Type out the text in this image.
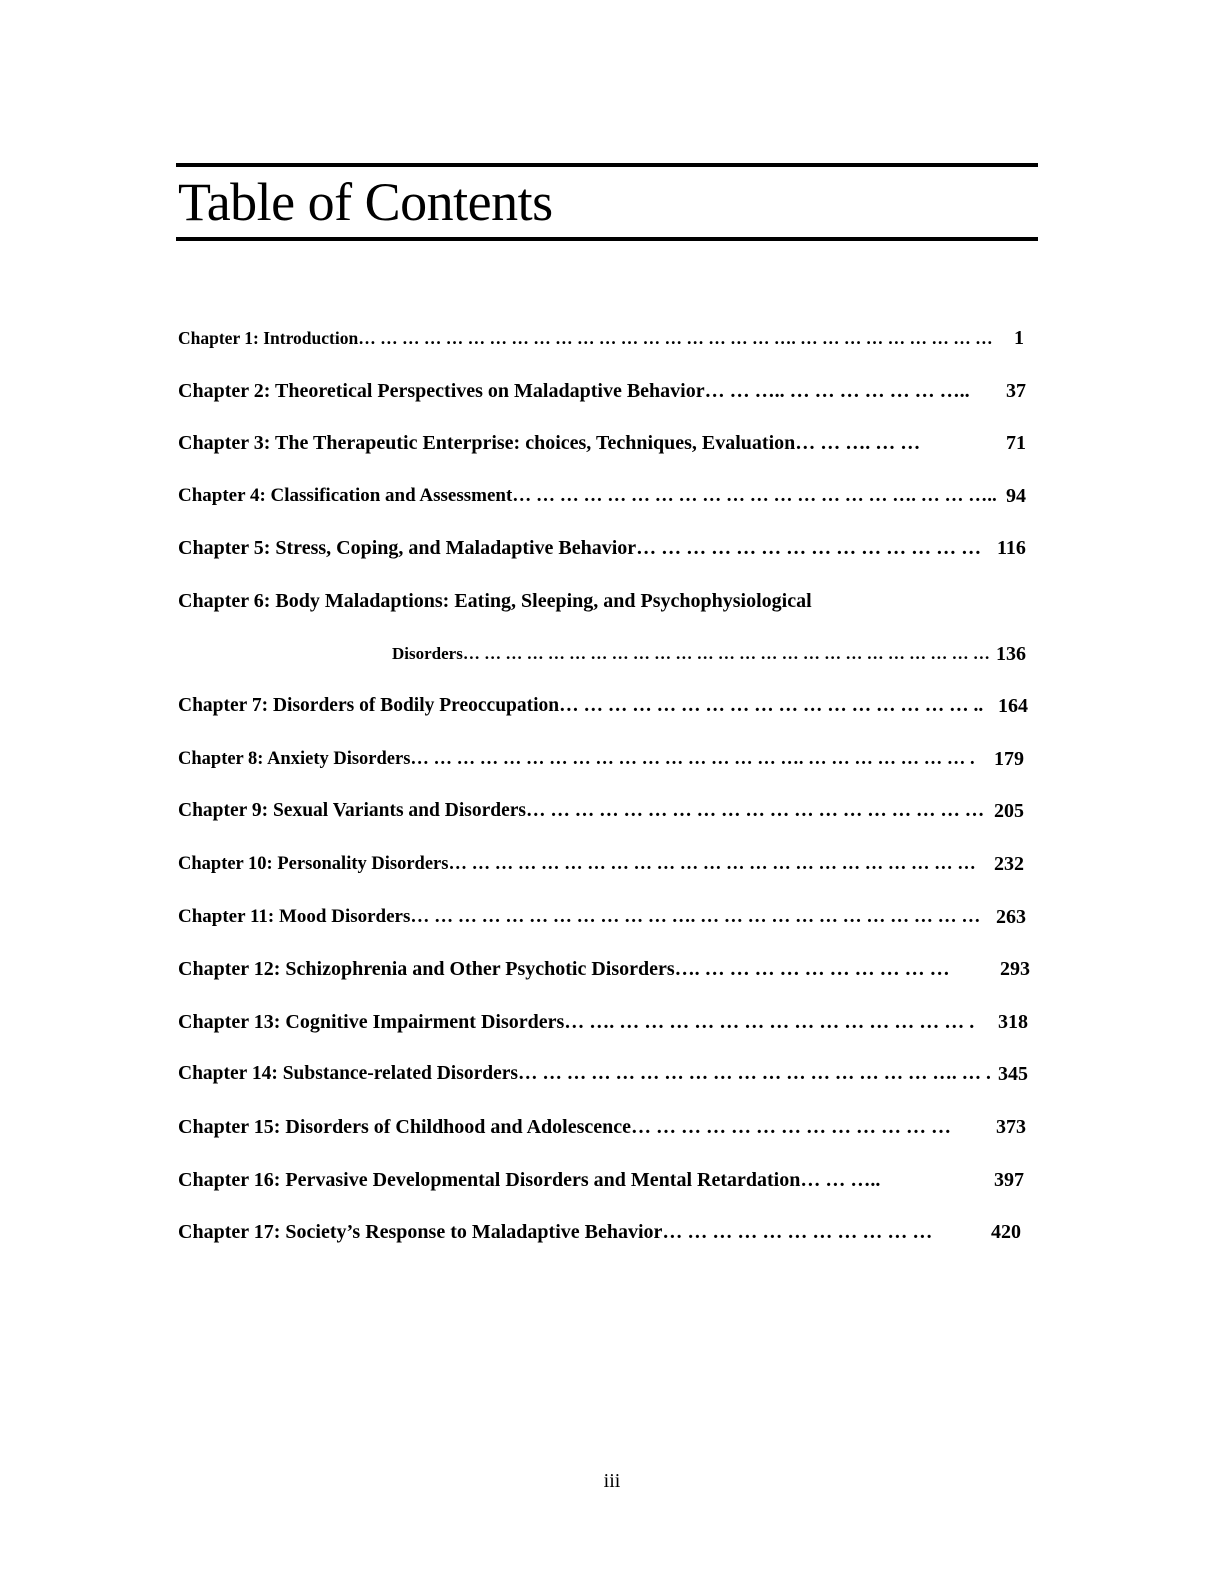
Table of Contents
Chapter 1: Introduction… … … … … … … … … … … … … … … … … … … …. … … … … … … … … … 1
Chapter 2: Theoretical Perspectives on Maladaptive Behavior… … ….. … … … … … … ….. 37
Chapter 3: The Therapeutic Enterprise: choices, Techniques, Evaluation… … …. … …	71
Chapter 4: Classification and Assessment… … … … … … … … … … … … … … … … …. … … ….. 94
Chapter 5: Stress, Coping, and Maladaptive Behavior… … … … … … … … … … … … … … 116
Chapter 6: Body Maladaptions: Eating, Sleeping, and Psychophysiological
Disorders… … … … … … … … … … … … … … … … … … … … … … … … … 136
Chapter 7: Disorders of Bodily Preoccupation… … … … … … … … … … … … … … … … … .. 164
Chapter 8: Anxiety Disorders… … … … … … … … … … … … … … … … …. … … … … … … … . 179
Chapter 9: Sexual Variants and Disorders… … … … … … … … … … … … … … … … … … … 205
Chapter 10: Personality Disorders… … … … … … … … … … … … … … … … … … … … … … … 232
Chapter 11: Mood Disorders… … … … … … … … … … … …. … … … … … … … … … … … … 263
Chapter 12: Schizophrenia and Other Psychotic Disorders…. … … … … … … … … … …	293
Chapter 13: Cognitive Impairment Disorders… …. … … … … … … … … … … … … … … . 318
Chapter 14: Substance-related Disorders… … … … … … … … … … … … … … … … … …. … . 345
Chapter 15: Disorders of Childhood and Adolescence… … … … … … … … … … … … … 373
Chapter 16: Pervasive Developmental Disorders and Mental Retardation… … …..	397
Chapter 17: Society’s Response to Maladaptive Behavior… … … … … … … … … … …	420
iii
